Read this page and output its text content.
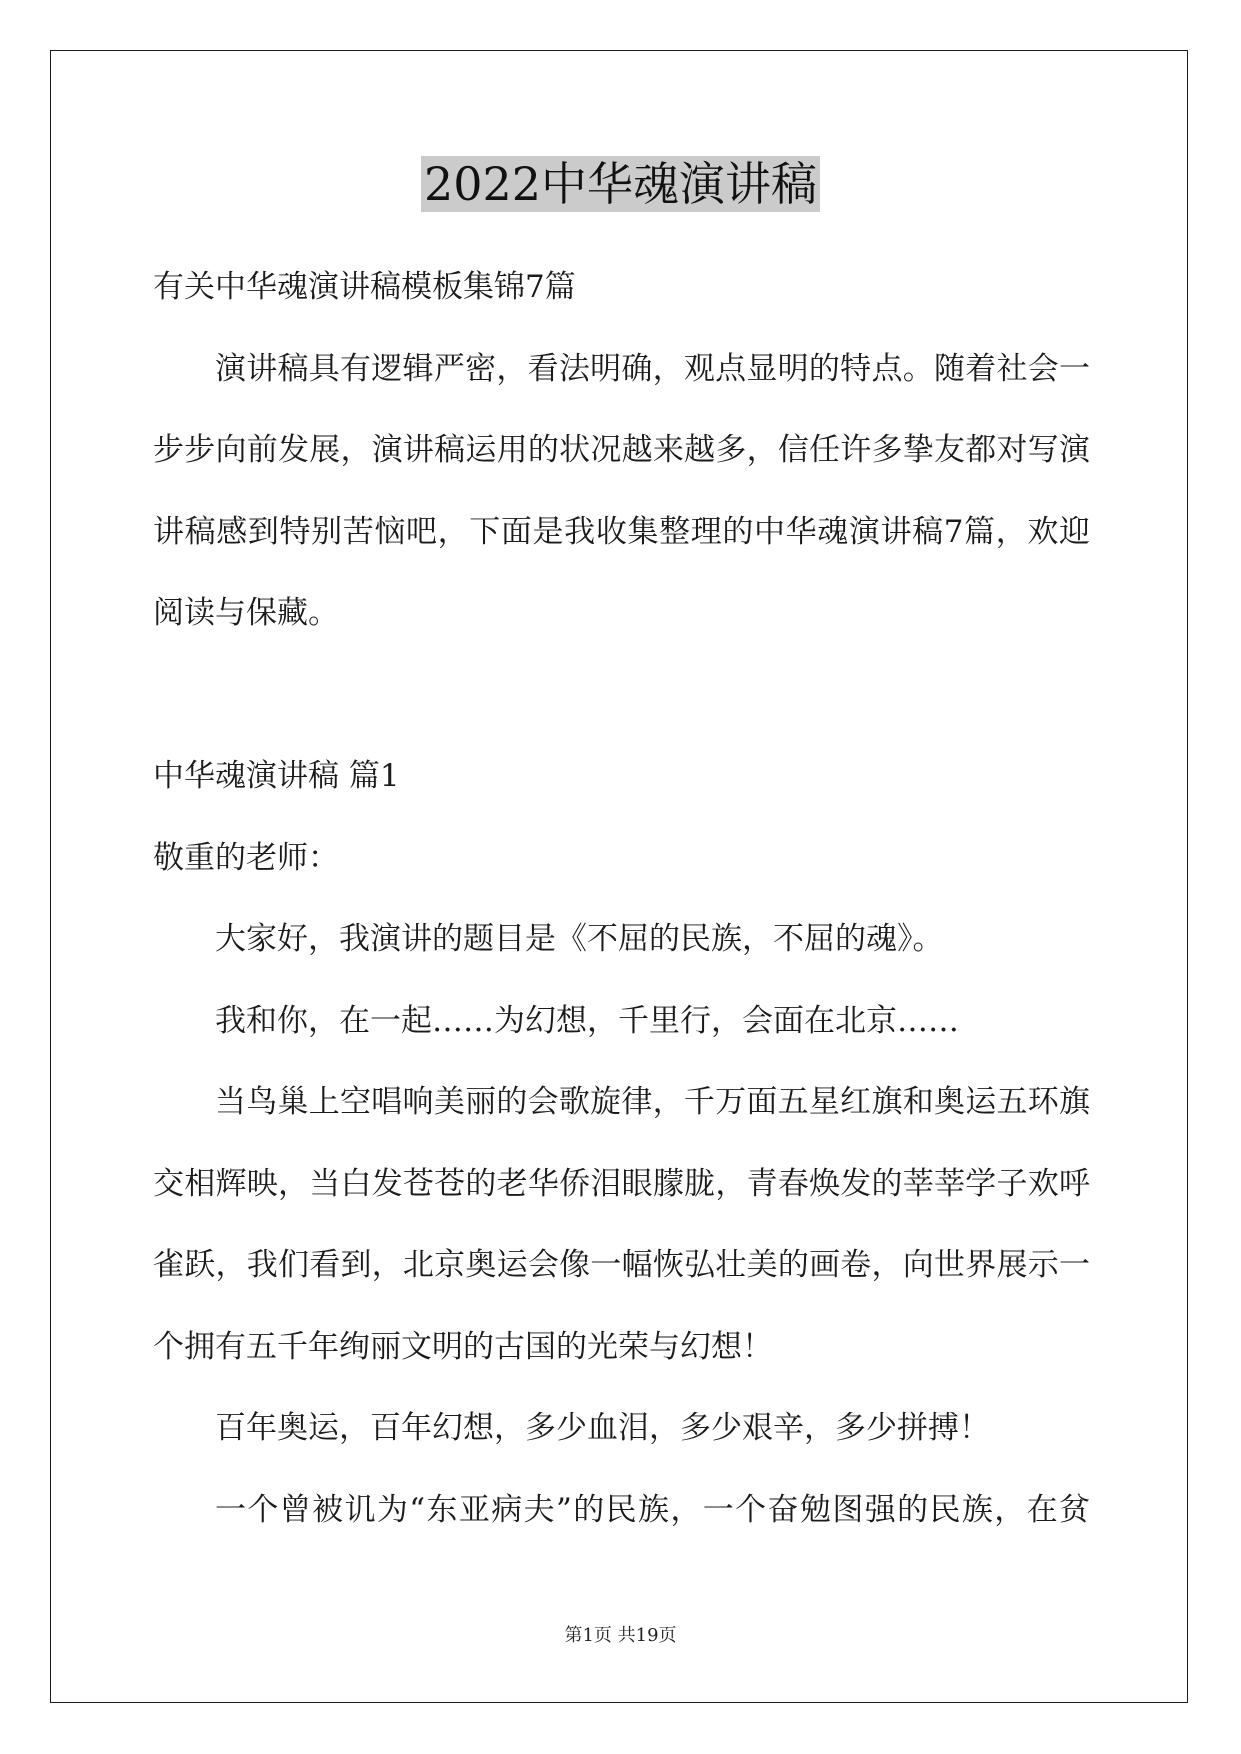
2022中华魂演讲稿
有关中华魂演讲稿模板集锦7篇
演讲稿具有逻辑严密，看法明确，观点显明的特点。随着社会一
步步向前发展，演讲稿运用的状况越来越多，信任许多挚友都对写演
讲稿感到特别苦恼吧，下面是我收集整理的中华魂演讲稿7篇，欢迎
阅读与保藏。
中华魂演讲稿 篇1
敬重的老师：
大家好，我演讲的题目是《不屈的民族，不屈的魂》。
我和你，在一起……为幻想，千里行，会面在北京……
当鸟巢上空唱响美丽的会歌旋律，千万面五星红旗和奥运五环旗
交相辉映，当白发苍苍的老华侨泪眼朦胧，青春焕发的莘莘学子欢呼
雀跃，我们看到，北京奥运会像一幅恢弘壮美的画卷，向世界展示一
个拥有五千年绚丽文明的古国的光荣与幻想！
百年奥运，百年幻想，多少血泪，多少艰辛，多少拼搏！
一个曾被讥为“东亚病夫”的民族，一个奋勉图强的民族，在贫
第1页 共19页
